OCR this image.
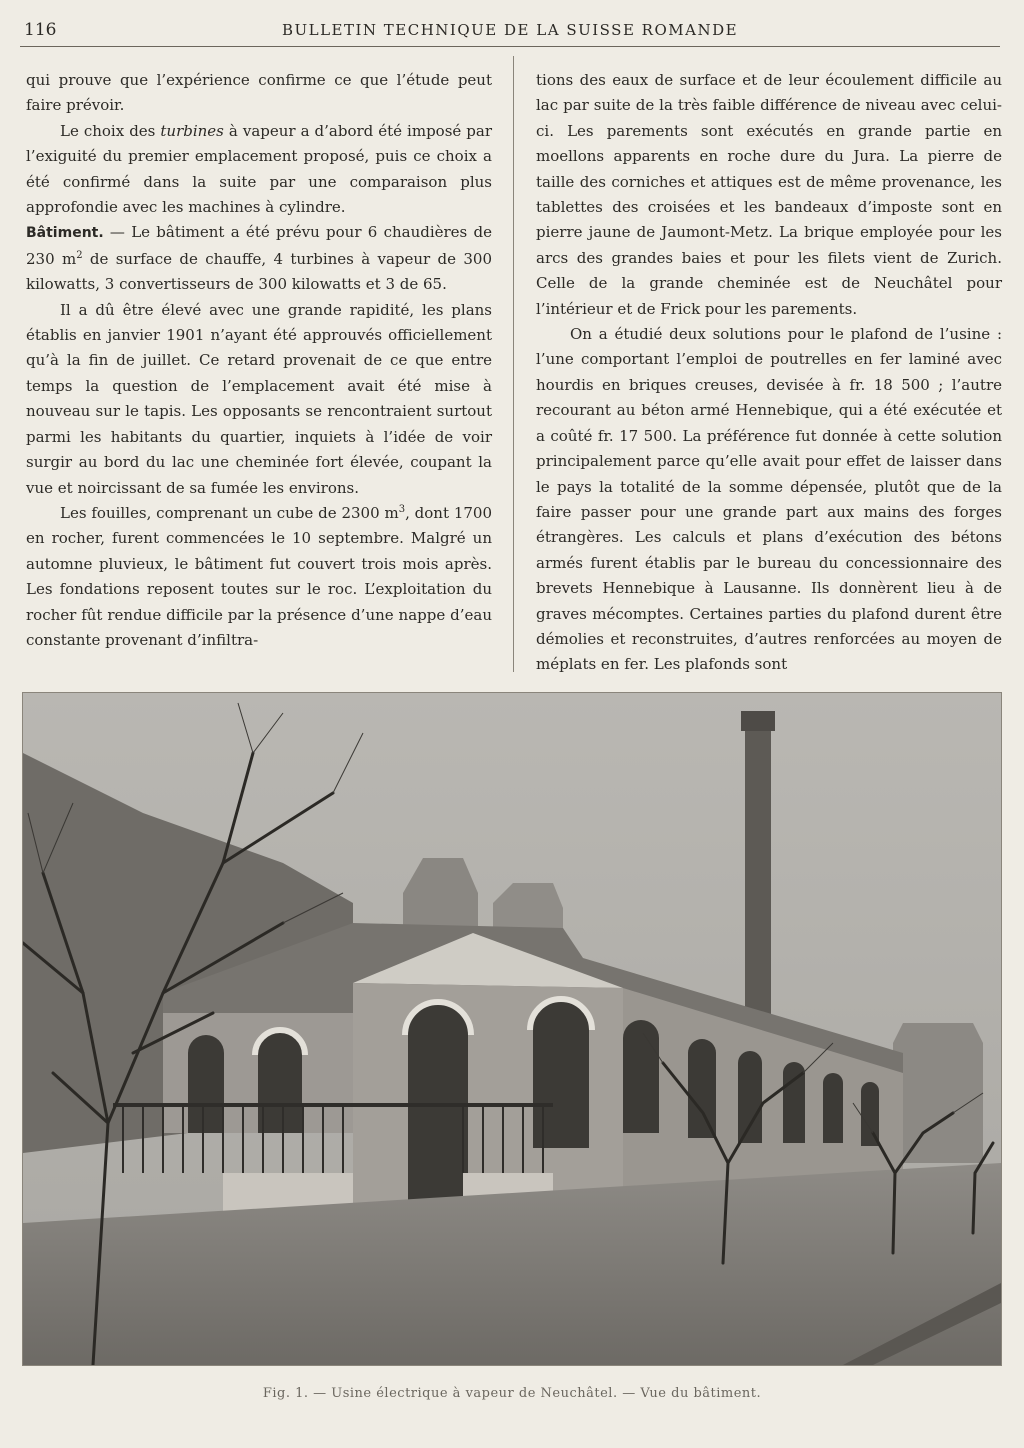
116	BULLETIN TECHNIQUE DE LA SUISSE ROMANDE

qui prouve que l’expérience confirme ce que l’étude peut faire prévoir.

Le choix des turbines à vapeur a d’abord été imposé par l’exiguité du premier emplacement proposé, puis ce choix a été confirmé dans la suite par une comparaison plus approfondie avec les machines à cylindre.

Bâtiment. — Le bâtiment a été prévu pour 6 chaudières de 230 $m^2$ de surface de chauffe, 4 turbines à vapeur de 300 kilowatts, 3 convertisseurs de 300 kilowatts et 3 de 65.

Il a dû être élevé avec une grande rapidité, les plans établis en janvier 1901 n’ayant été approuvés officiellement qu’à la fin de juillet. Ce retard provenait de ce que entre temps la question de l’emplacement avait été mise à nouveau sur le tapis. Les opposants se rencontraient surtout parmi les habitants du quartier, inquiets à l’idée de voir surgir au bord du lac une cheminée fort élevée, coupant la vue et noircissant de sa fumée les environs.

Les fouilles, comprenant un cube de 2300 $m^3$, dont 1700 en rocher, furent commencées le 10 septembre. Malgré un automne pluvieux, le bâtiment fut couvert trois mois après. Les fondations reposent toutes sur le roc. L’exploitation du rocher fût rendue difficile par la présence d’une nappe d’eau constante provenant d’infiltra-

tions des eaux de surface et de leur écoulement difficile au lac par suite de la très faible différence de niveau avec celui-ci. Les parements sont exécutés en grande partie en moellons apparents en roche dure du Jura. La pierre de taille des corniches et attiques est de même provenance, les tablettes des croisées et les bandeaux d’imposte sont en pierre jaune de Jaumont-Metz. La brique employée pour les arcs des grandes baies et pour les filets vient de Zurich. Celle de la grande cheminée est de Neuchâtel pour l’intérieur et de Frick pour les parements.

On a étudié deux solutions pour le plafond de l’usine : l’une comportant l’emploi de poutrelles en fer laminé avec hourdis en briques creuses, devisée à fr. 18 500 ; l’autre recourant au béton armé Hennebique, qui a été exécutée et a coûté fr. 17 500. La préférence fut donnée à cette solution principalement parce qu’elle avait pour effet de laisser dans le pays la totalité de la somme dépensée, plutôt que de la faire passer pour une grande part aux mains des forges étrangères. Les calculs et plans d’exécution des bétons armés furent établis par le bureau du concessionnaire des brevets Hennebique à Lausanne. Ils donnèrent lieu à de graves mécomptes. Certaines parties du plafond durent être démolies et reconstruites, d’autres renforcées au moyen de méplats en fer. Les plafonds sont

Fig. 1. — Usine électrique à vapeur de Neuchâtel. — Vue du bâtiment.
